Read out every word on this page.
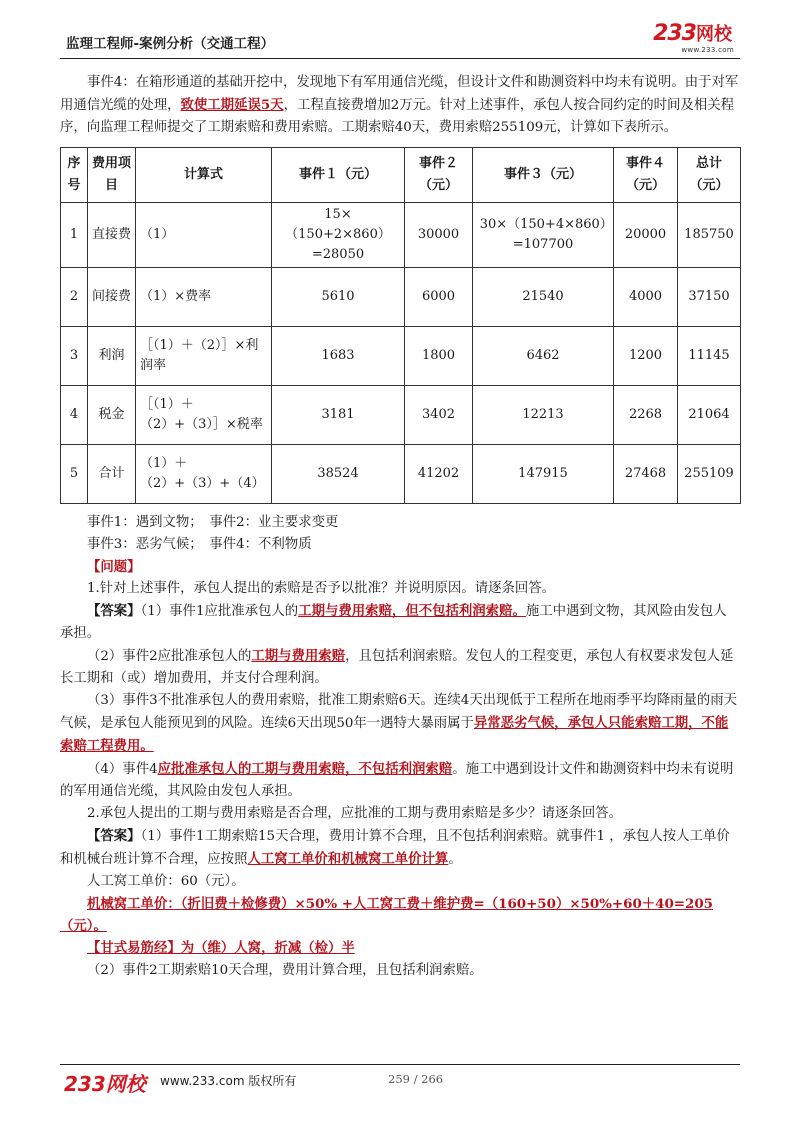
监理工程师-案例分析（交通工程）	233网校
www.233.com

事件4：在箱形通道的基础开挖中，发现地下有军用通信光缆，但设计文件和勘测资料中均未有说明。由于对军用通信光缆的处理，致使工期延误5天，工程直接费增加2万元。针对上述事件，承包人按合同约定的时间及相关程序，向监理工程师提交了工期索赔和费用索赔。工期索赔40天，费用索赔255109元，计算如下表所示。

序号	费用项目	计算式	事件１（元）	事件２（元）	事件３（元）	事件４（元）	总计（元）
1	直接费	（1）	15×（150+2×860）=28050	30000	30×（150+4×860）=107700	20000	185750
2	间接费	（1）×费率	5610	6000	21540	4000	37150
3	利润	［（1）＋（2）］×利润率	1683	1800	6462	1200	11145
4	税金	［（1）＋（2）+（3）］×税率	3181	3402	12213	2268	21064
5	合计	（1）＋（2）+（3）+（4）	38524	41202	147915	27468	255109

事件1：遇到文物；　事件2：业主要求变更

事件3：恶劣气候；　事件4：不利物质

【问题】

1.针对上述事件，承包人提出的索赔是否予以批准？并说明原因。请逐条回答。

【答案】（1）事件1应批准承包人的工期与费用索赔，但不包括利润索赔。施工中遇到文物，其风险由发包人承担。

（2）事件2应批准承包人的工期与费用索赔，且包括利润索赔。发包人的工程变更，承包人有权要求发包人延长工期和（或）增加费用，并支付合理利润。

（3）事件3不批准承包人的费用索赔，批准工期索赔6天。连续4天出现低于工程所在地雨季平均降雨量的雨天气候，是承包人能预见到的风险。连续6天出现50年一遇特大暴雨属于异常恶劣气候，承包人只能索赔工期，不能索赔工程费用。

（4）事件4应批准承包人的工期与费用索赔，不包括利润索赔。施工中遇到设计文件和勘测资料中均未有说明的军用通信光缆，其风险由发包人承担。

2.承包人提出的工期与费用索赔是否合理，应批准的工期与费用索赔是多少？请逐条回答。

【答案】（1）事件1工期索赔15天合理，费用计算不合理，且不包括利润索赔。就事件1 ，承包人按人工单价和机械台班计算不合理，应按照人工窝工单价和机械窝工单价计算。

人工窝工单价：60（元）。

机械窝工单价：（折旧费＋检修费）×50% +人工窝工费＋维护费=（160+50）×50%+60＋40=205（元）。

【甘式易筋经】为（维）人窝，折减（检）半

（2）事件2工期索赔10天合理，费用计算合理，且包括利润索赔。

233网校 www.233.com 版权所有	259 / 266
